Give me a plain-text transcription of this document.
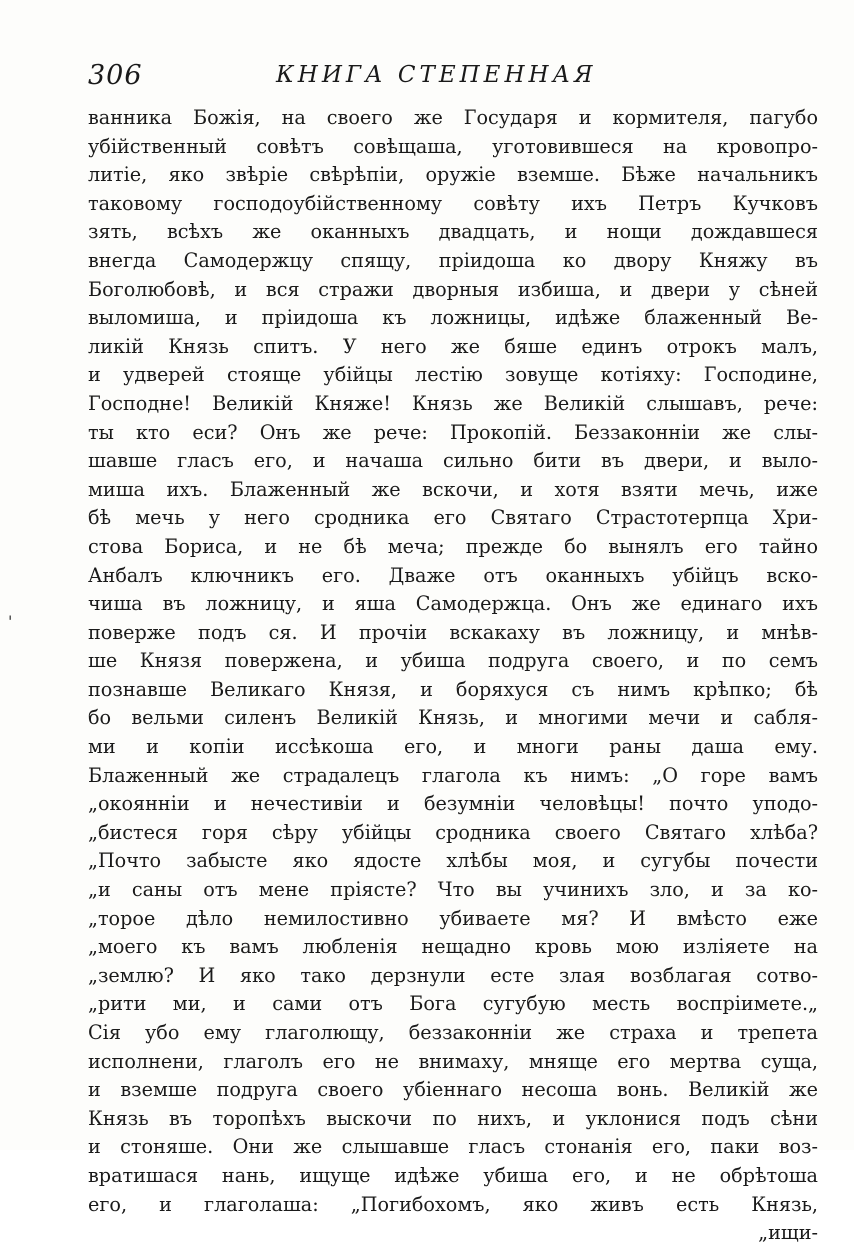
306	КНИГА СТЕПЕННАЯ
'
ванника Божія, на своего же Государя и кормителя, пагубо
убійственный совѣтъ совѣщаша, уготовившеся на кровопро-
литіе, яко звѣріе свѣрѣпіи, оружіе вземше. Бѣже начальникъ
таковому господоубійственному совѣту ихъ Петръ Кучковъ
зять, всѣхъ же оканныхъ двадцать, и нощи дождавшеся
внегда Самодержцу спящу, пріидоша ко двору Княжу въ
Боголюбовѣ, и вся стражи дворныя избиша, и двери у сѣней
выломиша, и пріидоша къ ложницы, идѣже блаженный Ве-
ликій Князь спитъ. У него же бяше единъ отрокъ малъ,
и удверей стояще убійцы лестію зовуще котіяху: Господине,
Господне! Великій Княже! Князь же Великій слышавъ, рече:
ты кто еси? Онъ же рече: Прокопій. Беззаконніи же слы-
шавше гласъ его, и начаша сильно бити въ двери, и выло-
миша ихъ. Блаженный же вскочи, и хотя взяти мечь, иже
бѣ мечь у него сродника его Святаго Страстотерпца Хри-
стова Бориса, и не бѣ меча; прежде бо вынялъ его тайно
Анбалъ ключникъ его. Дваже отъ оканныхъ убійцъ вско-
чиша въ ложницу, и яша Самодержца. Онъ же единаго ихъ
поверже подъ ся. И прочіи вскакаху въ ложницу, и мнѣв-
ше Князя повержена, и убиша подруга своего, и по семъ
познавше Великаго Князя, и боряхуся съ нимъ крѣпко; бѣ
бо вельми силенъ Великій Князь, и многими мечи и сабля-
ми и копіи иссѣкоша его, и многи раны даша ему.
Блаженный же страдалецъ глагола къ нимъ: „О горе вамъ
„окоянніи и нечестивіи и безумніи человѣцы! почто уподо-
„бистеся горя сѣру убійцы сродника своего Святаго хлѣба?
„Почто забысте яко ядосте хлѣбы моя, и сугубы почести
„и саны отъ мене пріясте? Что вы учинихъ зло, и за ко-
„торое дѣло немилостивно убиваете мя? И вмѣсто еже
„моего къ вамъ любленія нещадно кровь мою изліяете на
„землю? И яко тако дерзнули есте злая возблагая сотво-
„рити ми, и сами отъ Бога сугубую месть воспріимете.„
Сія убо ему глаголющу, беззаконніи же страха и трепета
исполнени, глаголъ его не внимаху, мняще его мертва суща,
и вземше подруга своего убіеннаго несоша вонь. Великій же
Князь въ торопѣхъ выскочи по нихъ, и уклонися подъ сѣни
и стоняше. Они же слышавше гласъ стонанія его, паки воз-
вратишася нань, ищуще идѣже убиша его, и не обрѣтоша
его, и глаголаша: „Погибохомъ, яко живъ есть Князь,
„ищи-
